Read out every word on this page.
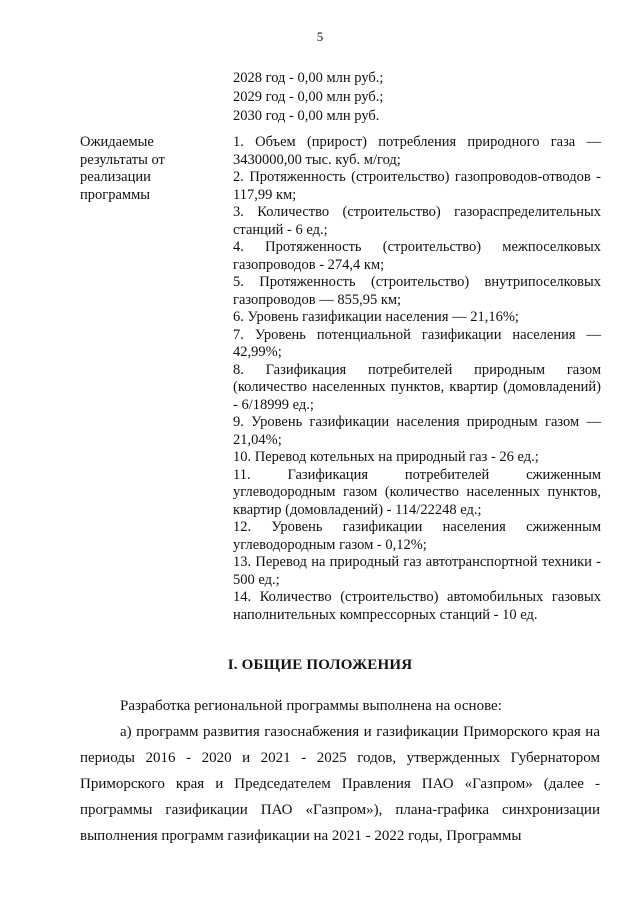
5
2028 год - 0,00 млн руб.;
2029 год - 0,00 млн руб.;
2030 год - 0,00 млн руб.
Ожидаемые результаты от реализации программы
1. Объем (прирост) потребления природного газа — 3430000,00 тыс. куб. м/год;
2. Протяженность (строительство) газопроводов-отводов - 117,99 км;
3. Количество (строительство) газораспределительных станций - 6 ед.;
4. Протяженность (строительство) межпоселковых газопроводов - 274,4 км;
5. Протяженность (строительство) внутрипоселковых газопроводов — 855,95 км;
6. Уровень газификации населения — 21,16%;
7. Уровень потенциальной газификации населения — 42,99%;
8. Газификация потребителей природным газом (количество населенных пунктов, квартир (домовладений) - 6/18999 ед.;
9. Уровень газификации населения природным газом — 21,04%;
10. Перевод котельных на природный газ - 26 ед.;
11. Газификация потребителей сжиженным углеводородным газом (количество населенных пунктов, квартир (домовладений) - 114/22248 ед.;
12. Уровень газификации населения сжиженным углеводородным газом - 0,12%;
13. Перевод на природный газ автотранспортной техники - 500 ед.;
14. Количество (строительство) автомобильных газовых наполнительных компрессорных станций - 10 ед.
I. ОБЩИЕ ПОЛОЖЕНИЯ

Разработка региональной программы выполнена на основе:

а) программ развития газоснабжения и газификации Приморского края на периоды 2016 - 2020 и 2021 - 2025 годов, утвержденных Губернатором Приморского края и Председателем Правления ПАО «Газпром» (далее - программы газификации ПАО «Газпром»), плана-графика синхронизации выполнения программ газификации на 2021 - 2022 годы, Программы
